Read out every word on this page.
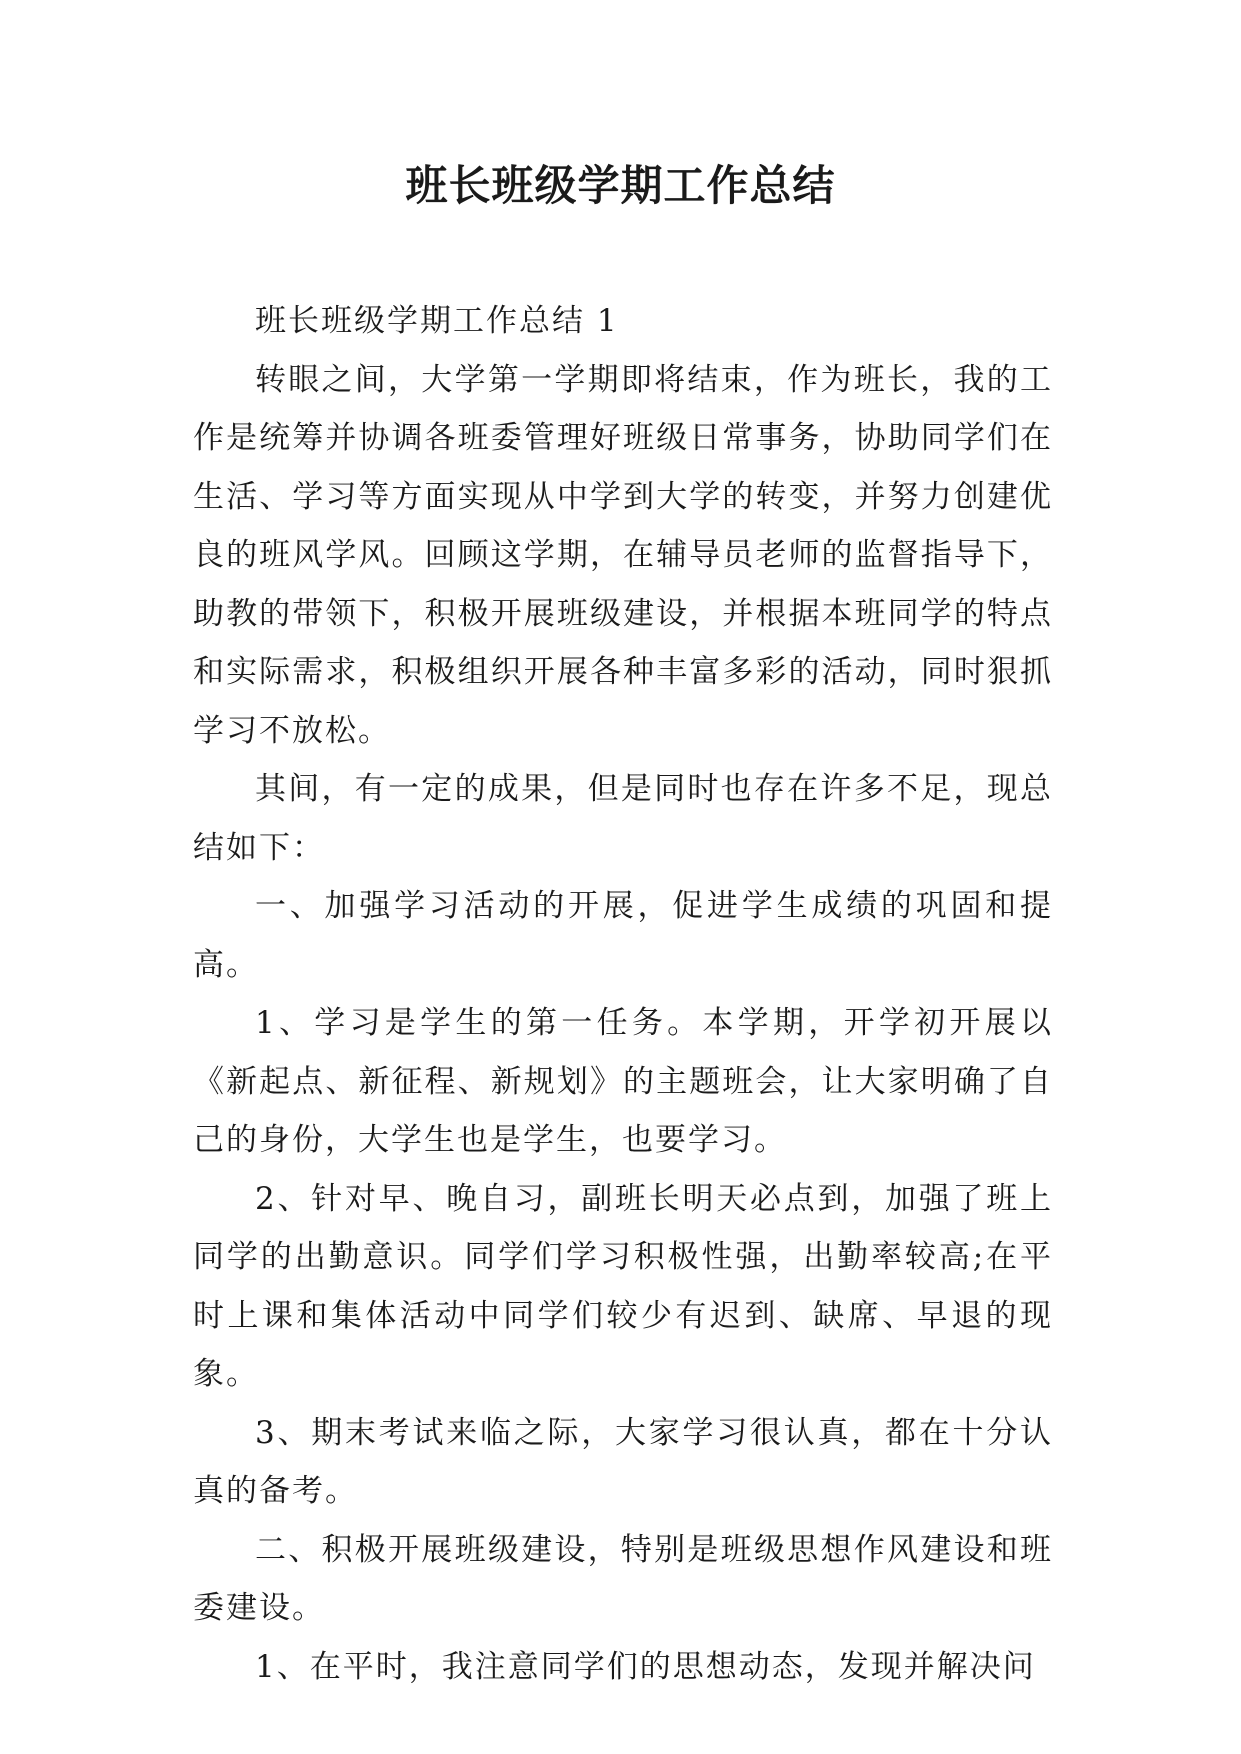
班长班级学期工作总结

班长班级学期工作总结 1

转眼之间，大学第一学期即将结束，作为班长，我的工作是统筹并协调各班委管理好班级日常事务，协助同学们在生活、学习等方面实现从中学到大学的转变，并努力创建优良的班风学风。回顾这学期，在辅导员老师的监督指导下，助教的带领下，积极开展班级建设，并根据本班同学的特点和实际需求，积极组织开展各种丰富多彩的活动，同时狠抓学习不放松。

其间，有一定的成果，但是同时也存在许多不足，现总结如下：

一、加强学习活动的开展，促进学生成绩的巩固和提高。

1、学习是学生的第一任务。本学期，开学初开展以《新起点、新征程、新规划》的主题班会，让大家明确了自己的身份，大学生也是学生，也要学习。

2、针对早、晚自习，副班长明天必点到，加强了班上同学的出勤意识。同学们学习积极性强，出勤率较高;在平时上课和集体活动中同学们较少有迟到、缺席、早退的现象。

3、期末考试来临之际，大家学习很认真，都在十分认真的备考。

二、积极开展班级建设，特别是班级思想作风建设和班委建设。

1、在平时，我注意同学们的思想动态，发现并解决问
